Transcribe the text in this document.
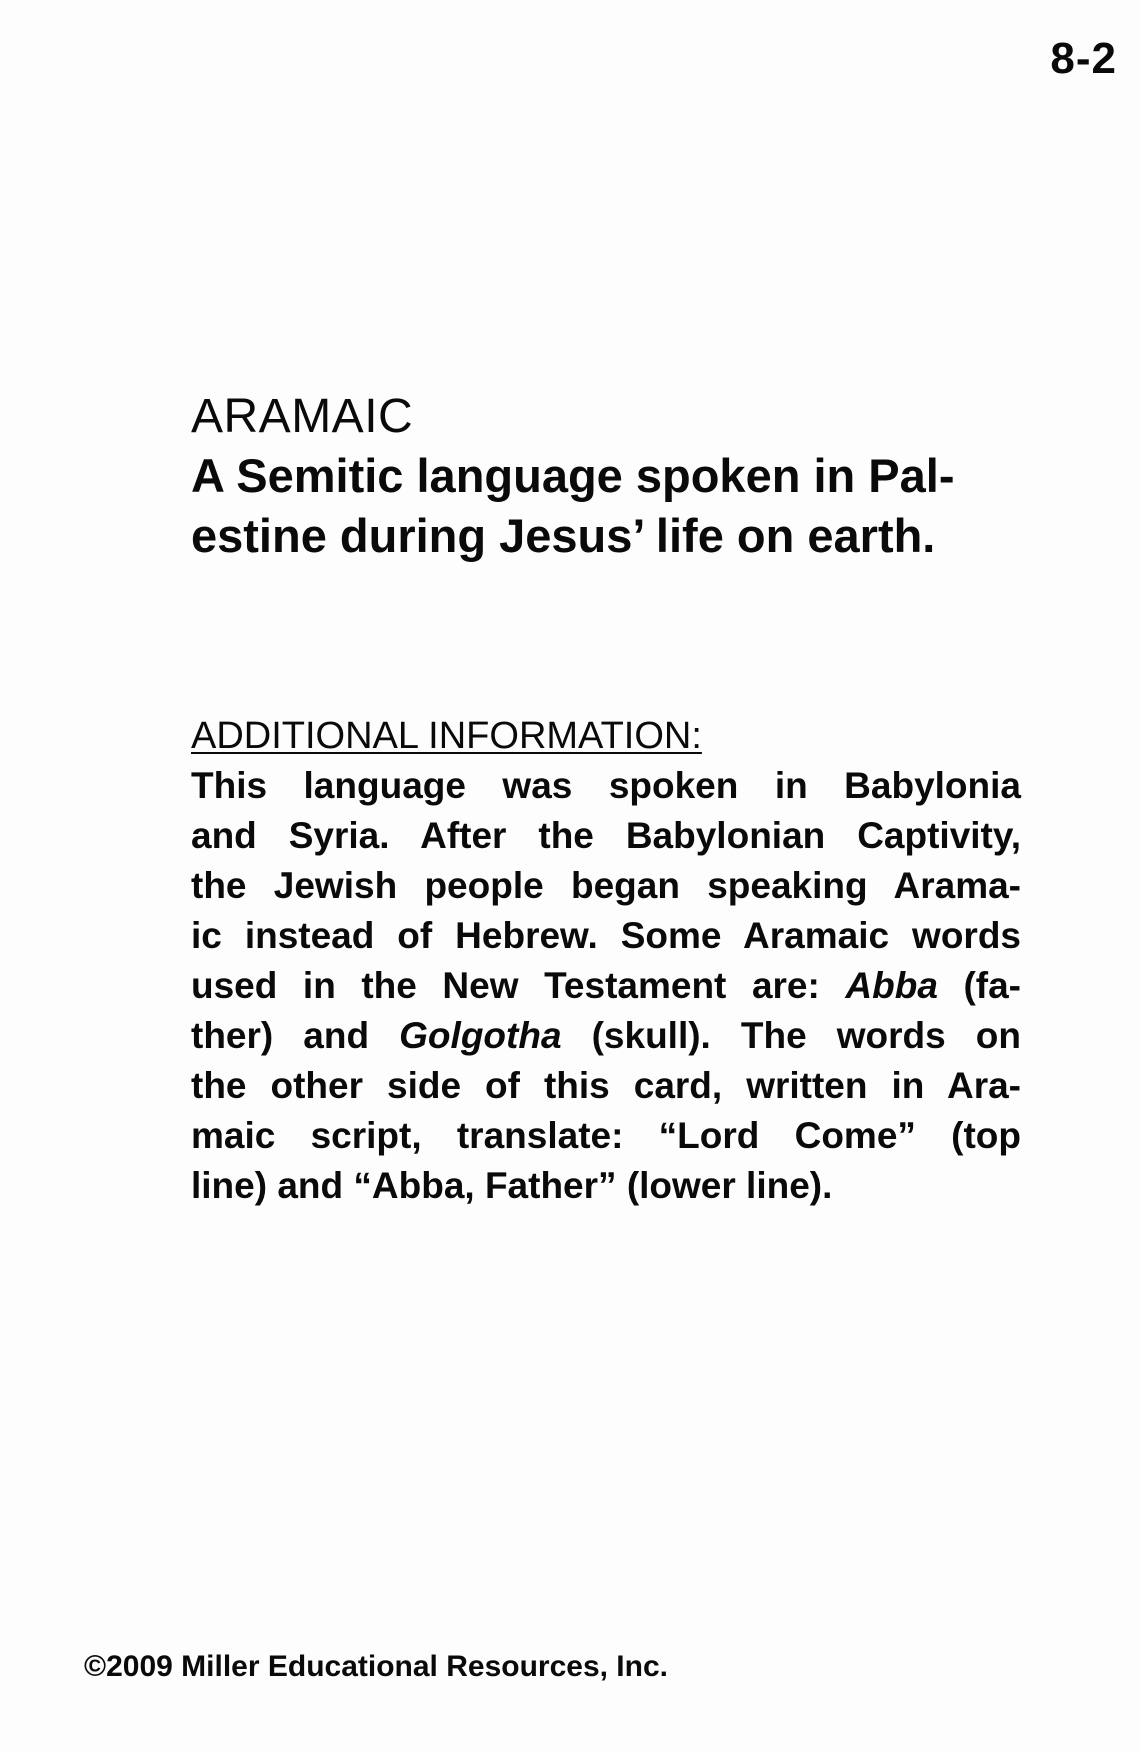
8-2
ARAMAIC
A Semitic language spoken in Pal-
estine during Jesus’ life on earth.
ADDITIONAL INFORMATION:
This language was spoken in Babylonia
and Syria. After the Babylonian Captivity,
the Jewish people began speaking Arama-
ic instead of Hebrew. Some Aramaic words
used in the New Testament are: Abba (fa-
ther) and Golgotha (skull). The words on
the other side of this card, written in Ara-
maic script, translate: “Lord Come” (top
line) and “Abba, Father” (lower line).
©2009 Miller Educational Resources, Inc.
